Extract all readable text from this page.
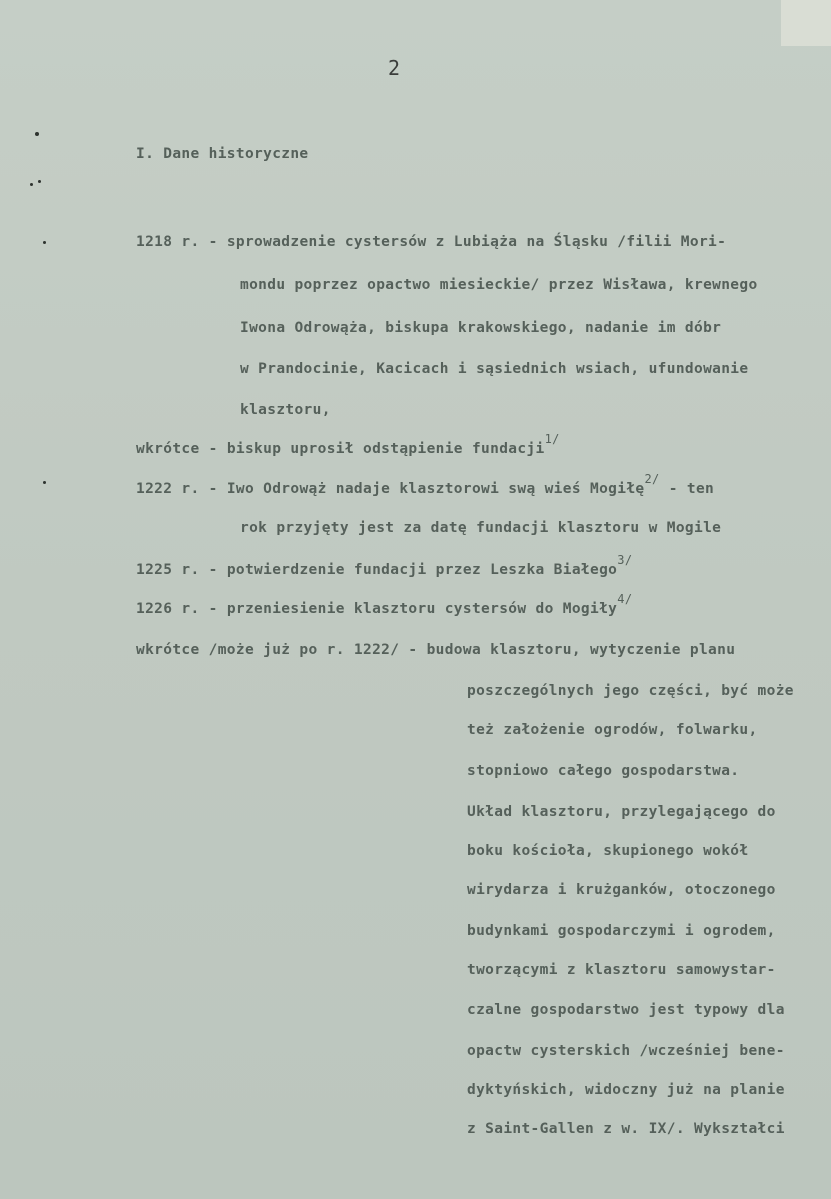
2
I. Dane historyczne
1218 r. - sprowadzenie cystersów z Lubiąża na Śląsku /filii Mori-
mondu poprzez opactwo miesieckie/ przez Wisława, krewnego
Iwona Odrowąża, biskupa krakowskiego, nadanie im dóbr
w Prandocinie, Kacicach i sąsiednich wsiach, ufundowanie
klasztoru,
wkrótce - biskup uprosił odstąpienie fundacji$^{1/}$
1222 r. - Iwo Odrowąż nadaje klasztorowi swą wieś Mogiłę$^{2/}$ - ten
rok przyjęty jest za datę fundacji klasztoru w Mogile
1225 r. - potwierdzenie fundacji przez Leszka Białego$^{3/}$
1226 r. - przeniesienie klasztoru cystersów do Mogiły$^{4/}$
wkrótce /może już po r. 1222/ - budowa klasztoru, wytyczenie planu
poszczególnych jego części, być może
też założenie ogrodów, folwarku,
stopniowo całego gospodarstwa.
Układ klasztoru, przylegającego do
boku kościoła, skupionego wokół
wirydarza i krużganków, otoczonego
budynkami gospodarczymi i ogrodem,
tworzącymi z klasztoru samowystar-
czalne gospodarstwo jest typowy dla
opactw cysterskich /wcześniej bene-
dyktyńskich, widoczny już na planie
z Saint-Gallen z w. IX/. Wykształci
